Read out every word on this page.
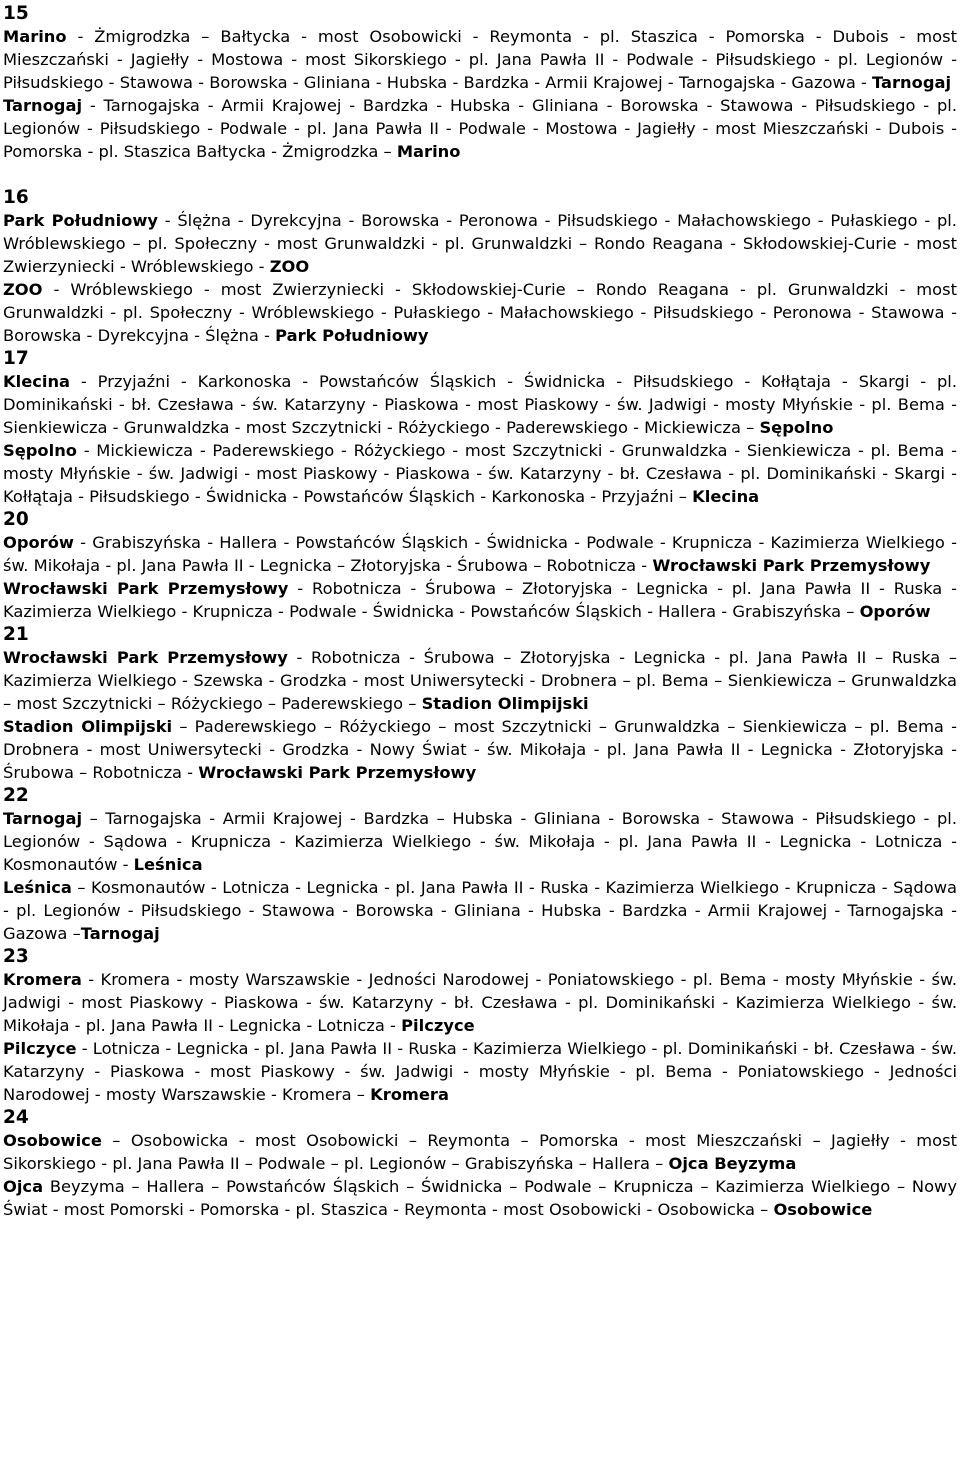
15

Marino - Żmigrodzka – Bałtycka - most Osobowicki - Reymonta - pl. Staszica - Pomorska - Dubois - most Mieszczański - Jagiełły - Mostowa - most Sikorskiego - pl. Jana Pawła II - Podwale - Piłsudskiego - pl. Legionów - Piłsudskiego - Stawowa - Borowska - Gliniana - Hubska - Bardzka - Armii Krajowej - Tarnogajska - Gazowa - Tarnogaj

Tarnogaj - Tarnogajska - Armii Krajowej - Bardzka - Hubska - Gliniana - Borowska - Stawowa - Piłsudskiego - pl. Legionów - Piłsudskiego - Podwale - pl. Jana Pawła II - Podwale - Mostowa - Jagiełły - most Mieszczański - Dubois - Pomorska - pl. Staszica Bałtycka - Żmigrodzka – Marino

16

Park Południowy - Ślężna - Dyrekcyjna - Borowska - Peronowa - Piłsudskiego - Małachowskiego - Pułaskiego - pl. Wróblewskiego – pl. Społeczny - most Grunwaldzki - pl. Grunwaldzki – Rondo Reagana - Skłodowskiej-Curie - most Zwierzyniecki - Wróblewskiego - ZOO

ZOO - Wróblewskiego - most Zwierzyniecki - Skłodowskiej-Curie – Rondo Reagana - pl. Grunwaldzki - most Grunwaldzki - pl. Społeczny - Wróblewskiego - Pułaskiego - Małachowskiego - Piłsudskiego - Peronowa - Stawowa - Borowska - Dyrekcyjna - Ślężna - Park Południowy

17

Klecina - Przyjaźni - Karkonoska - Powstańców Śląskich - Świdnicka - Piłsudskiego - Kołłątaja - Skargi - pl. Dominikański - bł. Czesława - św. Katarzyny - Piaskowa - most Piaskowy - św. Jadwigi - mosty Młyńskie - pl. Bema - Sienkiewicza - Grunwaldzka - most Szczytnicki - Różyckiego - Paderewskiego - Mickiewicza – Sępolno

Sępolno - Mickiewicza - Paderewskiego - Różyckiego - most Szczytnicki - Grunwaldzka - Sienkiewicza - pl. Bema - mosty Młyńskie - św. Jadwigi - most Piaskowy - Piaskowa - św. Katarzyny - bł. Czesława - pl. Dominikański - Skargi - Kołłątaja - Piłsudskiego - Świdnicka - Powstańców Śląskich - Karkonoska - Przyjaźni – Klecina

20

Oporów - Grabiszyńska - Hallera - Powstańców Śląskich - Świdnicka - Podwale - Krupnicza - Kazimierza Wielkiego - św. Mikołaja - pl. Jana Pawła II - Legnicka – Złotoryjska - Śrubowa – Robotnicza - Wrocławski Park Przemysłowy

Wrocławski Park Przemysłowy - Robotnicza - Śrubowa – Złotoryjska - Legnicka - pl. Jana Pawła II - Ruska - Kazimierza Wielkiego - Krupnicza - Podwale - Świdnicka - Powstańców Śląskich - Hallera - Grabiszyńska – Oporów

21

Wrocławski Park Przemysłowy - Robotnicza - Śrubowa – Złotoryjska - Legnicka - pl. Jana Pawła II – Ruska – Kazimierza Wielkiego - Szewska - Grodzka - most Uniwersytecki - Drobnera – pl. Bema – Sienkiewicza – Grunwaldzka – most Szczytnicki – Różyckiego – Paderewskiego – Stadion Olimpijski

Stadion Olimpijski – Paderewskiego – Różyckiego – most Szczytnicki – Grunwaldzka – Sienkiewicza – pl. Bema - Drobnera - most Uniwersytecki - Grodzka - Nowy Świat - św. Mikołaja - pl. Jana Pawła II - Legnicka - Złotoryjska - Śrubowa – Robotnicza - Wrocławski Park Przemysłowy

22

Tarnogaj – Tarnogajska - Armii Krajowej - Bardzka – Hubska - Gliniana - Borowska - Stawowa - Piłsudskiego - pl. Legionów - Sądowa - Krupnicza - Kazimierza Wielkiego - św. Mikołaja - pl. Jana Pawła II - Legnicka - Lotnicza - Kosmonautów - Leśnica

Leśnica – Kosmonautów - Lotnicza - Legnicka - pl. Jana Pawła II - Ruska - Kazimierza Wielkiego - Krupnicza - Sądowa - pl. Legionów - Piłsudskiego - Stawowa - Borowska - Gliniana - Hubska - Bardzka - Armii Krajowej - Tarnogajska - Gazowa –Tarnogaj

23

Kromera - Kromera - mosty Warszawskie - Jedności Narodowej - Poniatowskiego - pl. Bema - mosty Młyńskie - św. Jadwigi - most Piaskowy - Piaskowa - św. Katarzyny - bł. Czesława - pl. Dominikański - Kazimierza Wielkiego - św. Mikołaja - pl. Jana Pawła II - Legnicka - Lotnicza - Pilczyce

Pilczyce - Lotnicza - Legnicka - pl. Jana Pawła II - Ruska - Kazimierza Wielkiego - pl. Dominikański - bł. Czesława - św. Katarzyny - Piaskowa - most Piaskowy - św. Jadwigi - mosty Młyńskie - pl. Bema - Poniatowskiego - Jedności Narodowej - mosty Warszawskie - Kromera – Kromera

24

Osobowice – Osobowicka - most Osobowicki – Reymonta – Pomorska - most Mieszczański – Jagiełły - most Sikorskiego - pl. Jana Pawła II – Podwale – pl. Legionów – Grabiszyńska – Hallera – Ojca Beyzyma

Ojca Beyzyma – Hallera – Powstańców Śląskich – Świdnicka – Podwale – Krupnicza – Kazimierza Wielkiego – Nowy Świat - most Pomorski - Pomorska - pl. Staszica - Reymonta - most Osobowicki - Osobowicka – Osobowice
